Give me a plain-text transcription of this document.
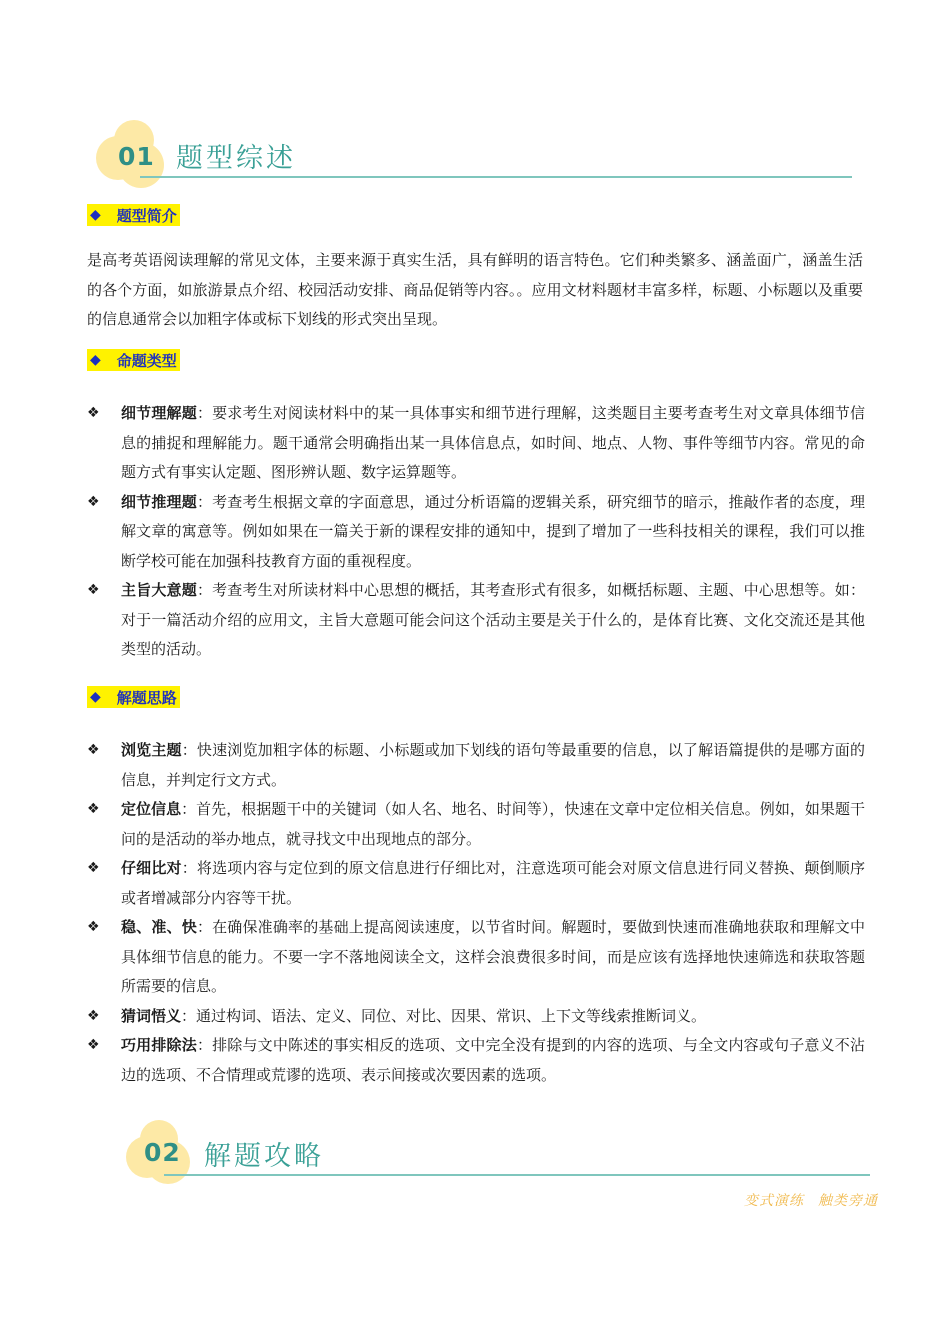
01 题型综述
◆ 题型简介
是高考英语阅读理解的常见文体，主要来源于真实生活，具有鲜明的语言特色。它们种类繁多、涵盖面广，涵盖生活的各个方面，如旅游景点介绍、校园活动安排、商品促销等内容。。应用文材料题材丰富多样，标题、小标题以及重要的信息通常会以加粗字体或标下划线的形式突出呈现。
◆ 命题类型
❖ 细节理解题：要求考生对阅读材料中的某一具体事实和细节进行理解，这类题目主要考查考生对文章具体细节信息的捕捉和理解能力。题干通常会明确指出某一具体信息点，如时间、地点、人物、事件等细节内容。常见的命题方式有事实认定题、图形辨认题、数字运算题等。
❖ 细节推理题：考查考生根据文章的字面意思，通过分析语篇的逻辑关系，研究细节的暗示，推敲作者的态度，理解文章的寓意等。例如如果在一篇关于新的课程安排的通知中，提到了增加了一些科技相关的课程，我们可以推断学校可能在加强科技教育方面的重视程度。
❖ 主旨大意题：考查考生对所读材料中心思想的概括，其考查形式有很多，如概括标题、主题、中心思想等。如：对于一篇活动介绍的应用文，主旨大意题可能会问这个活动主要是关于什么的，是体育比赛、文化交流还是其他类型的活动。
◆ 解题思路
❖ 浏览主题：快速浏览加粗字体的标题、小标题或加下划线的语句等最重要的信息，以了解语篇提供的是哪方面的信息，并判定行文方式。
❖ 定位信息：首先，根据题干中的关键词（如人名、地名、时间等），快速在文章中定位相关信息。例如，如果题干问的是活动的举办地点，就寻找文中出现地点的部分。
❖ 仔细比对：将选项内容与定位到的原文信息进行仔细比对，注意选项可能会对原文信息进行同义替换、颠倒顺序或者增减部分内容等干扰。
❖ 稳、准、快：在确保准确率的基础上提高阅读速度，以节省时间。解题时，要做到快速而准确地获取和理解文中具体细节信息的能力。不要一字不落地阅读全文，这样会浪费很多时间，而是应该有选择地快速筛选和获取答题所需要的信息。
❖ 猜词悟义：通过构词、语法、定义、同位、对比、因果、常识、上下文等线索推断词义。
❖ 巧用排除法：排除与文中陈述的事实相反的选项、文中完全没有提到的内容的选项、与全文内容或句子意义不沾边的选项、不合情理或荒谬的选项、表示间接或次要因素的选项。
02 解题攻略
变式演练 触类旁通
